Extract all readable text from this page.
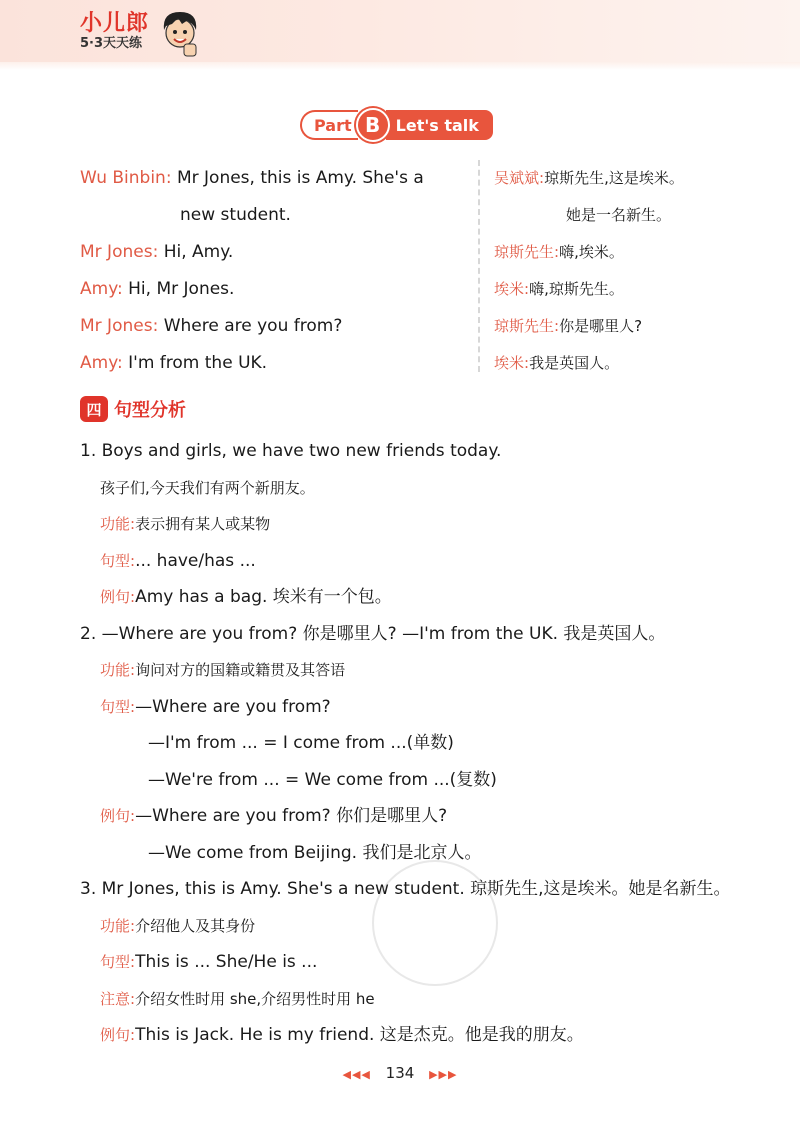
小儿郎
5·3天天练
Part B Let's talk
Wu Binbin: Mr Jones, this is Amy. She's a
new student.
Mr Jones: Hi, Amy.
Amy: Hi, Mr Jones.
Mr Jones: Where are you from?
Amy: I'm from the UK.
吴斌斌:琼斯先生,这是埃米。
她是一名新生。
琼斯先生:嗨,埃米。
埃米:嗨,琼斯先生。
琼斯先生:你是哪里人?
埃米:我是英国人。
四 句型分析
1. Boys and girls, we have two new friends today.
孩子们,今天我们有两个新朋友。
功能:表示拥有某人或某物
句型:... have/has ...
例句:Amy has a bag. 埃米有一个包。
2. —Where are you from? 你是哪里人? —I'm from the UK. 我是英国人。
功能:询问对方的国籍或籍贯及其答语
句型:—Where are you from?
—I'm from ... = I come from ...(单数)
—We're from ... = We come from ...(复数)
例句:—Where are you from? 你们是哪里人?
—We come from Beijing. 我们是北京人。
3. Mr Jones, this is Amy. She's a new student. 琼斯先生,这是埃米。她是名新生。
功能:介绍他人及其身份
句型:This is ... She/He is ...
注意:介绍女性时用 she,介绍男性时用 he
例句:This is Jack. He is my friend. 这是杰克。他是我的朋友。
◀◀◀ 134 ▶▶▶
